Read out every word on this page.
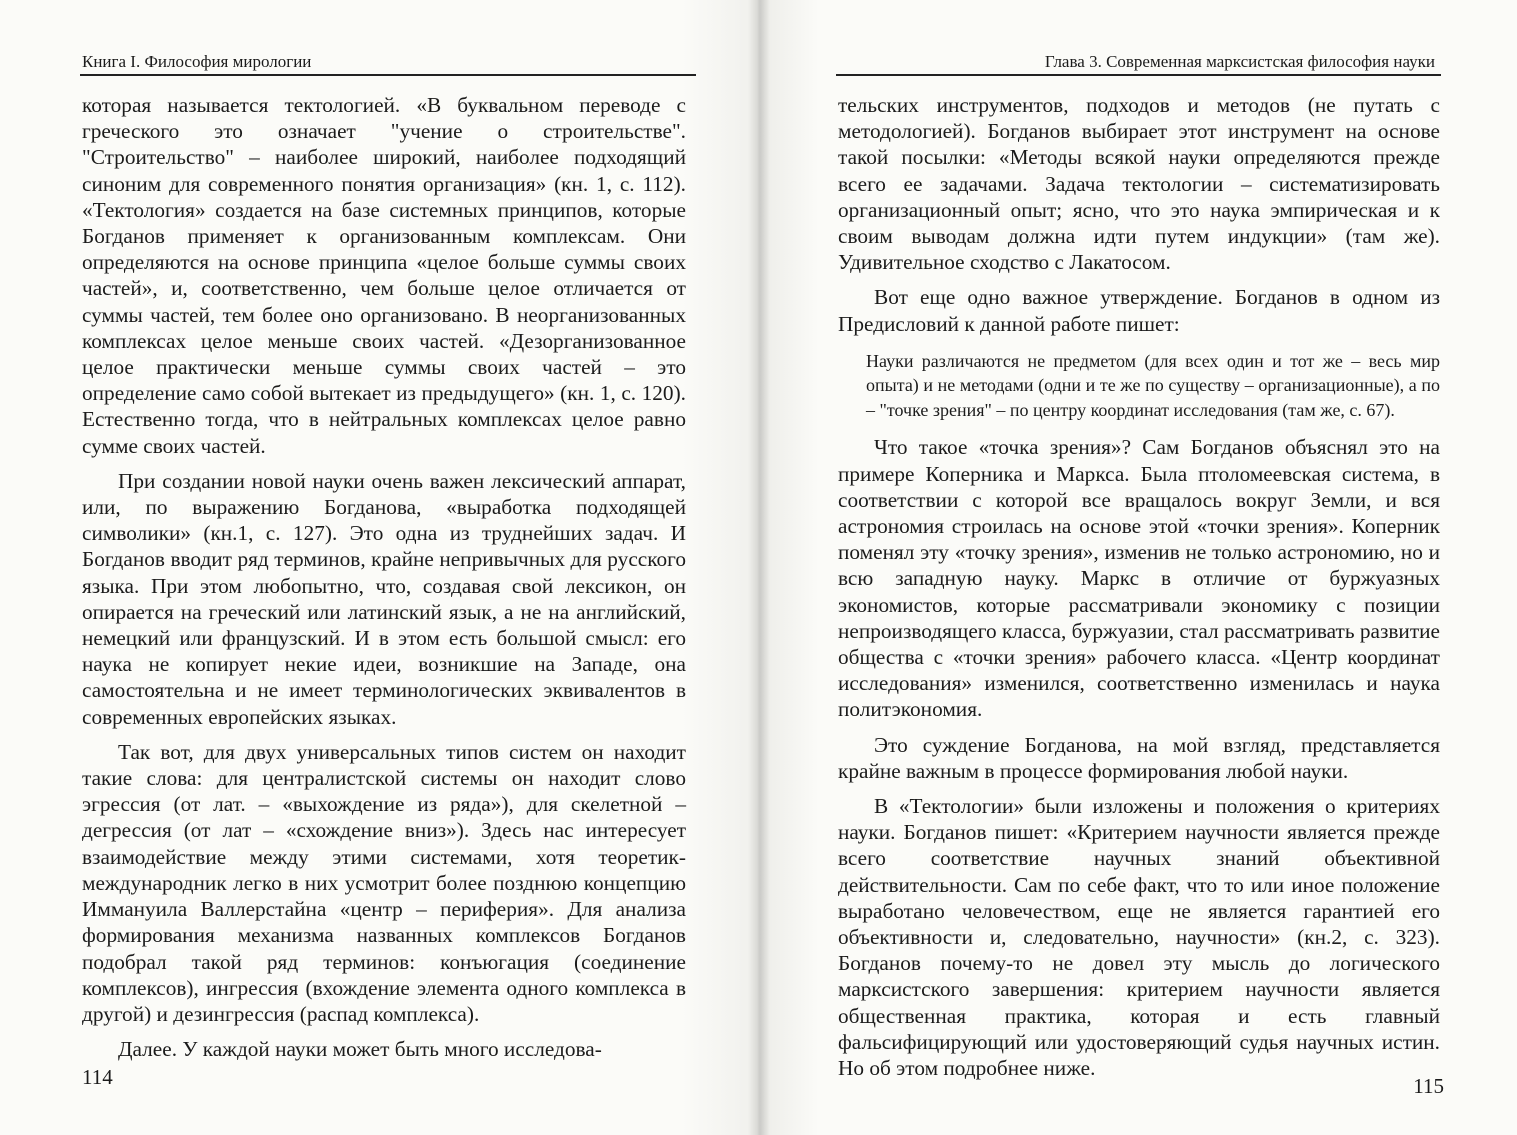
Книга I. Философия мирологии

которая называется тектологией. «В буквальном переводе с греческого это означает "учение о строительстве". "Строительство" – наиболее широкий, наиболее подходящий синоним для современного понятия организация» (кн. 1, с. 112). «Тектология» создается на базе системных принципов, которые Богданов применяет к организованным комплексам. Они определяются на основе принципа «целое больше суммы своих частей», и, соответственно, чем больше целое отличается от суммы частей, тем более оно организовано. В неорганизованных комплексах целое меньше своих частей. «Дезорганизованное целое практически меньше суммы своих частей – это определение само собой вытекает из предыдущего» (кн. 1, с. 120). Естественно тогда, что в нейтральных комплексах целое равно сумме своих частей.

При создании новой науки очень важен лексический аппарат, или, по выражению Богданова, «выработка подходящей символики» (кн.1, с. 127). Это одна из труднейших задач. И Богданов вводит ряд терминов, крайне непривычных для русского языка. При этом любопытно, что, создавая свой лексикон, он опирается на греческий или латинский язык, а не на английский, немецкий или французский. И в этом есть большой смысл: его наука не копирует некие идеи, возникшие на Западе, она самостоятельна и не имеет терминологических эквивалентов в современных европейских языках.

Так вот, для двух универсальных типов систем он находит такие слова: для централистской системы он находит слово эгрессия (от лат. – «выхождение из ряда»), для скелетной – дегрессия (от лат – «схождение вниз»). Здесь нас интересует взаимодействие между этими системами, хотя теоретик-международник легко в них усмотрит более позднюю концепцию Иммануила Валлерстайна «центр – периферия». Для анализа формирования механизма названных комплексов Богданов подобрал такой ряд терминов: конъюгация (соединение комплексов), ингрессия (вхождение элемента одного комплекса в другой) и дезингрессия (распад комплекса).

Далее. У каждой науки может быть много исследова-

114
Глава 3. Современная марксистская философия науки

тельских инструментов, подходов и методов (не путать с методологией). Богданов выбирает этот инструмент на основе такой посылки: «Методы всякой науки определяются прежде всего ее задачами. Задача тектологии – систематизировать организационный опыт; ясно, что это наука эмпирическая и к своим выводам должна идти путем индукции» (там же). Удивительное сходство с Лакатосом.

Вот еще одно важное утверждение. Богданов в одном из Предисловий к данной работе пишет:

Науки различаются не предметом (для всех один и тот же – весь мир опыта) и не методами (одни и те же по существу – организационные), а по – "точке зрения" – по центру координат исследования (там же, с. 67).

Что такое «точка зрения»? Сам Богданов объяснял это на примере Коперника и Маркса. Была птоломеевская система, в соответствии с которой все вращалось вокруг Земли, и вся астрономия строилась на основе этой «точки зрения». Коперник поменял эту «точку зрения», изменив не только астрономию, но и всю западную науку. Маркс в отличие от буржуазных экономистов, которые рассматривали экономику с позиции непроизводящего класса, буржуазии, стал рассматривать развитие общества с «точки зрения» рабочего класса. «Центр координат исследования» изменился, соответственно изменилась и наука политэкономия.

Это суждение Богданова, на мой взгляд, представляется крайне важным в процессе формирования любой науки.

В «Тектологии» были изложены и положения о критериях науки. Богданов пишет: «Критерием научности является прежде всего соответствие научных знаний объективной действительности. Сам по себе факт, что то или иное положение выработано человечеством, еще не является гарантией его объективности и, следовательно, научности» (кн.2, с. 323). Богданов почему-то не довел эту мысль до логического марксистского завершения: критерием научности является общественная практика, которая и есть главный фальсифицирующий или удостоверяющий судья научных истин. Но об этом подробнее ниже.

115
